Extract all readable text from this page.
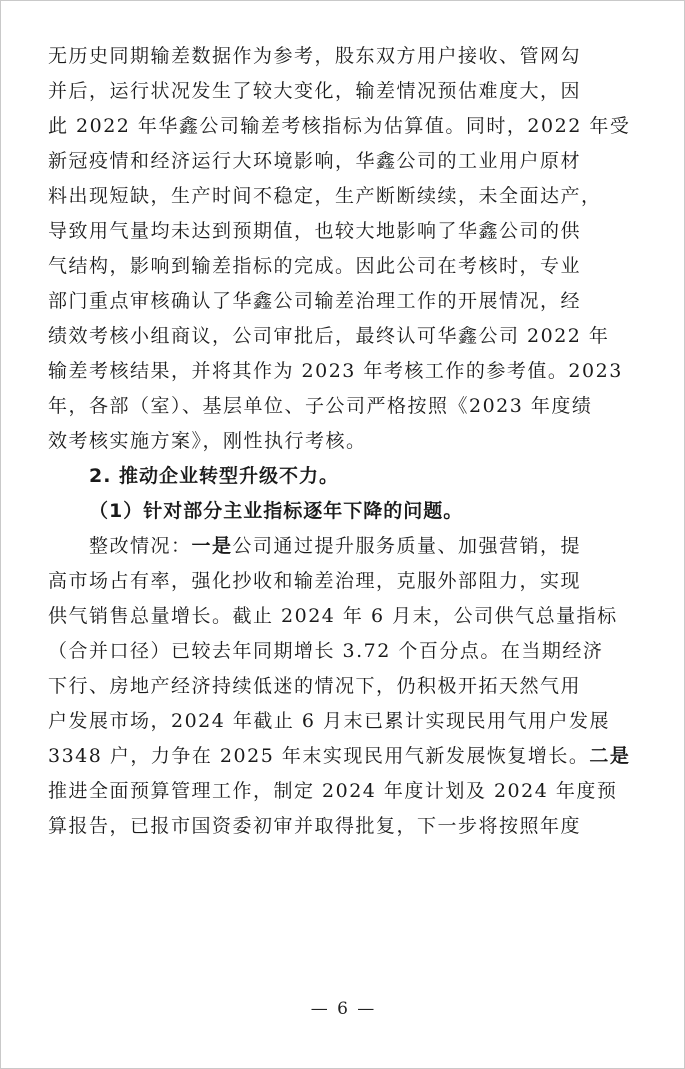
无历史同期输差数据作为参考，股东双方用户接收、管网勾
并后，运行状况发生了较大变化，输差情况预估难度大，因
此 2022 年华鑫公司输差考核指标为估算值。同时，2022 年受
新冠疫情和经济运行大环境影响，华鑫公司的工业用户原材
料出现短缺，生产时间不稳定，生产断断续续，未全面达产，
导致用气量均未达到预期值，也较大地影响了华鑫公司的供
气结构，影响到输差指标的完成。因此公司在考核时，专业
部门重点审核确认了华鑫公司输差治理工作的开展情况，经
绩效考核小组商议，公司审批后，最终认可华鑫公司 2022 年
输差考核结果，并将其作为 2023 年考核工作的参考值。2023
年，各部（室）、基层单位、子公司严格按照《2023 年度绩
效考核实施方案》，刚性执行考核。
2. 推动企业转型升级不力。
（1）针对部分主业指标逐年下降的问题。
整改情况：一是公司通过提升服务质量、加强营销，提
高市场占有率，强化抄收和输差治理，克服外部阻力，实现
供气销售总量增长。截止 2024 年 6 月末，公司供气总量指标
（合并口径）已较去年同期增长 3.72 个百分点。在当期经济
下行、房地产经济持续低迷的情况下，仍积极开拓天然气用
户发展市场，2024 年截止 6 月末已累计实现民用气用户发展
3348 户，力争在 2025 年末实现民用气新发展恢复增长。二是
推进全面预算管理工作，制定 2024 年度计划及 2024 年度预
算报告，已报市国资委初审并取得批复，下一步将按照年度
— 6 —
